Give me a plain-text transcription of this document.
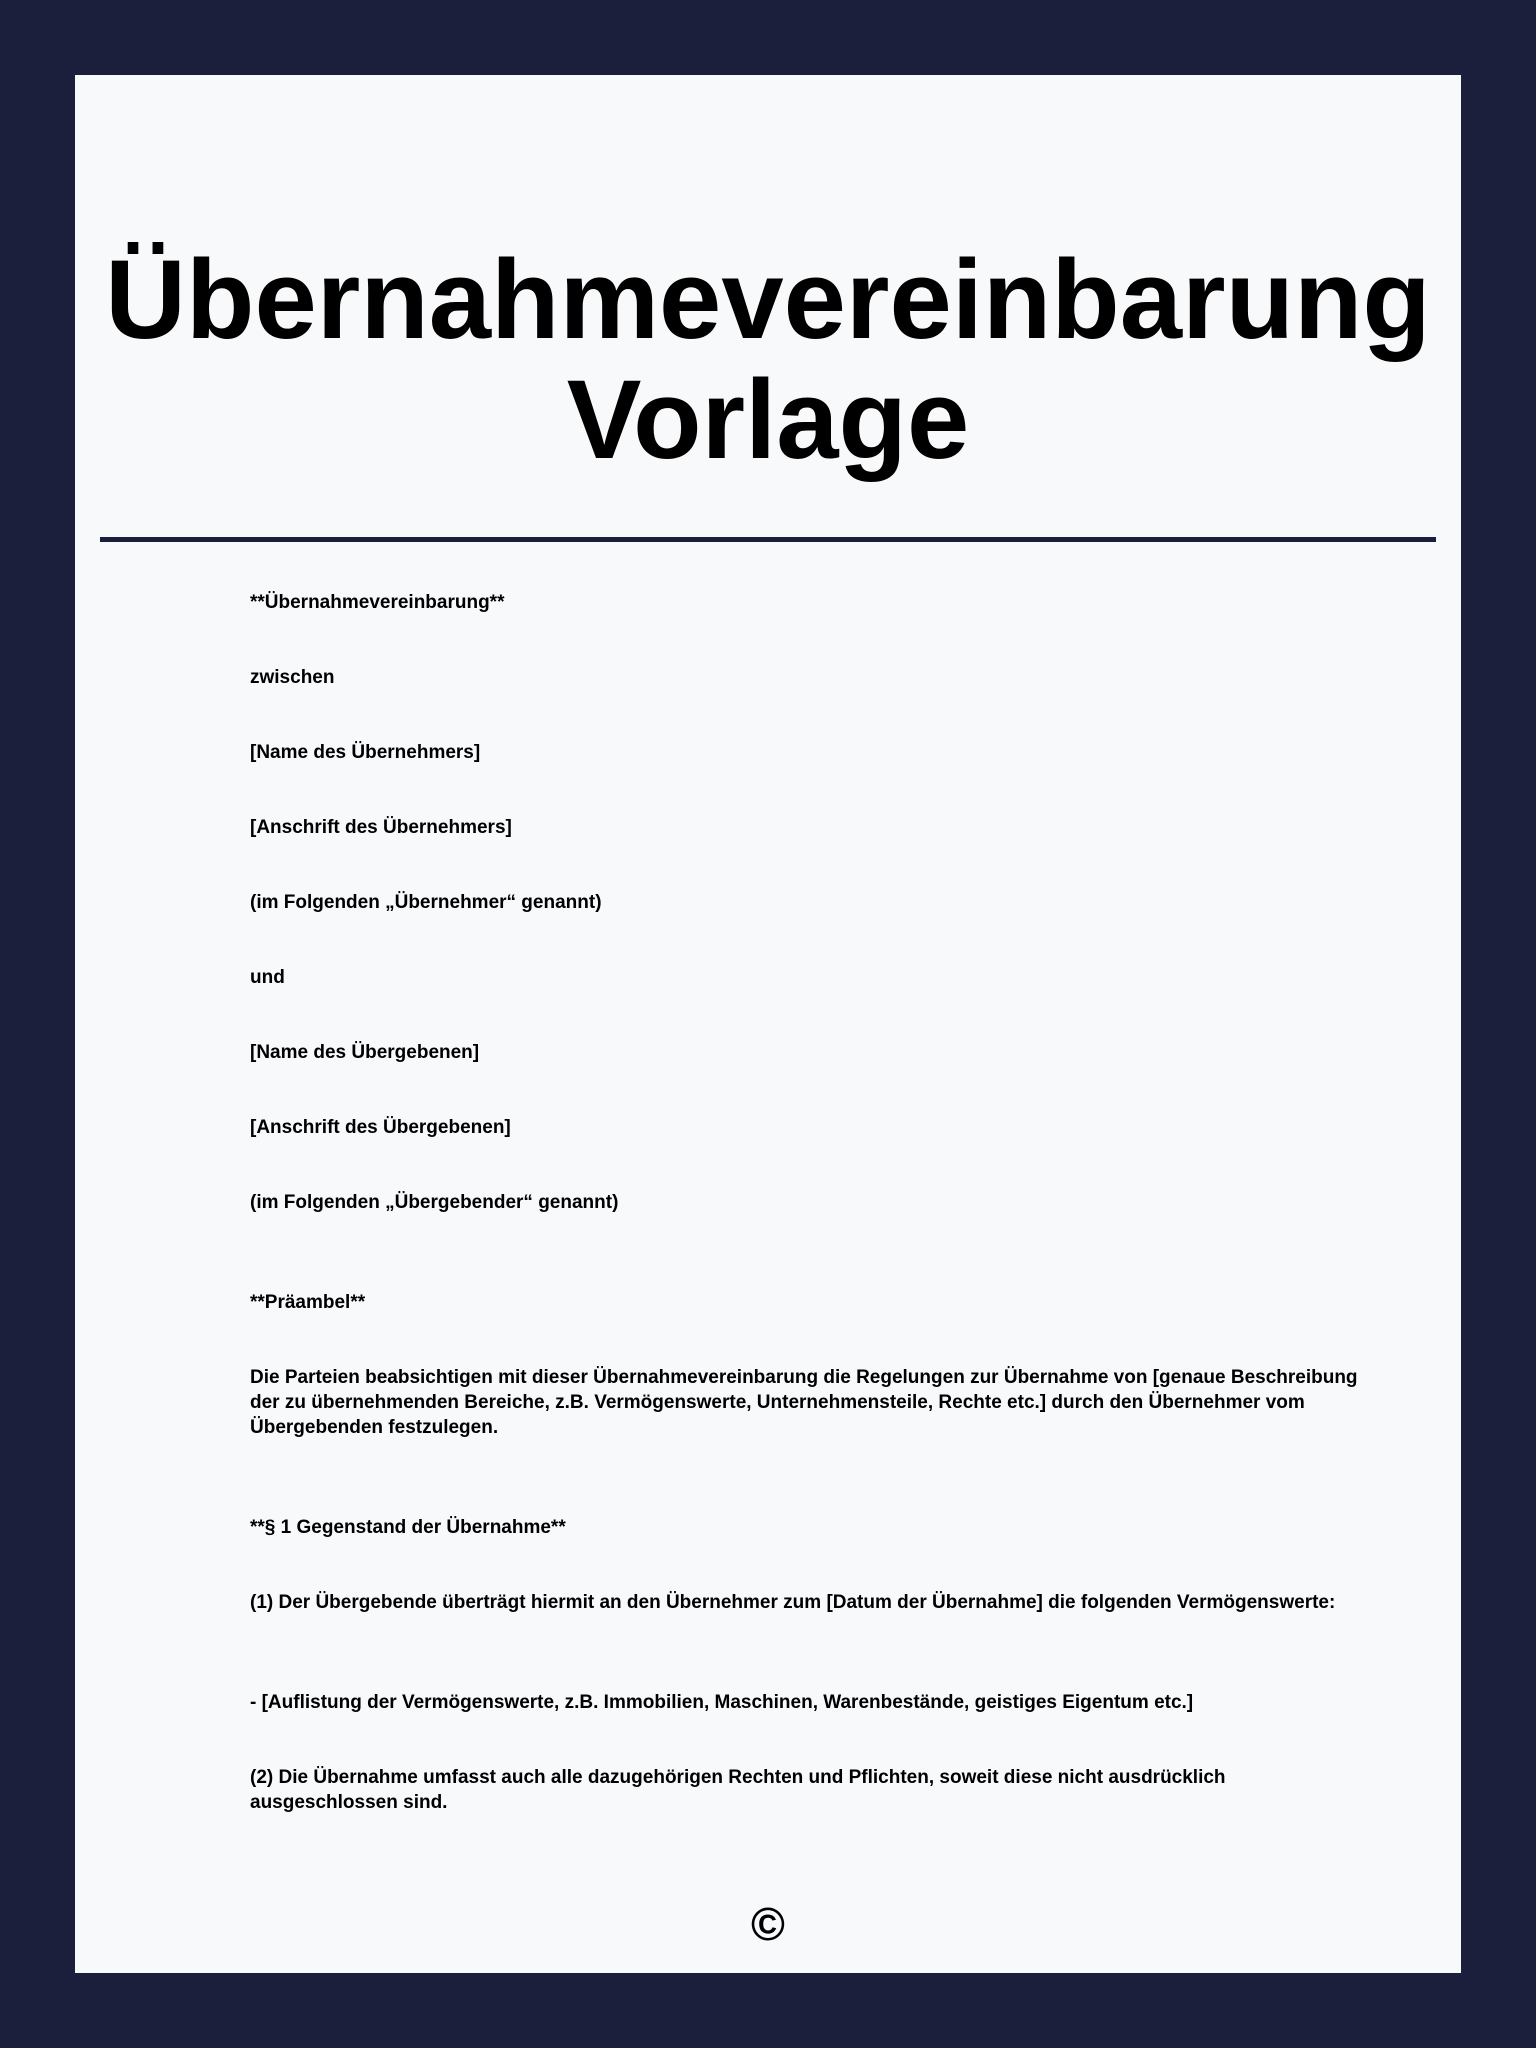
Übernahmevereinbarung
Vorlage

**Übernahmevereinbarung**

zwischen

[Name des Übernehmers]

[Anschrift des Übernehmers]

(im Folgenden „Übernehmer“ genannt)

und

[Name des Übergebenen]

[Anschrift des Übergebenen]

(im Folgenden „Übergebender“ genannt)

**Präambel**

Die Parteien beabsichtigen mit dieser Übernahmevereinbarung die Regelungen zur Übernahme von [genaue Beschreibung der zu übernehmenden Bereiche, z.B. Vermögenswerte, Unternehmensteile, Rechte etc.] durch den Übernehmer vom Übergebenden festzulegen.

**§ 1 Gegenstand der Übernahme**

(1) Der Übergebende überträgt hiermit an den Übernehmer zum [Datum der Übernahme] die folgenden Vermögenswerte:

- [Auflistung der Vermögenswerte, z.B. Immobilien, Maschinen, Warenbestände, geistiges Eigentum etc.]

(2) Die Übernahme umfasst auch alle dazugehörigen Rechten und Pflichten, soweit diese nicht ausdrücklich ausgeschlossen sind.

©
